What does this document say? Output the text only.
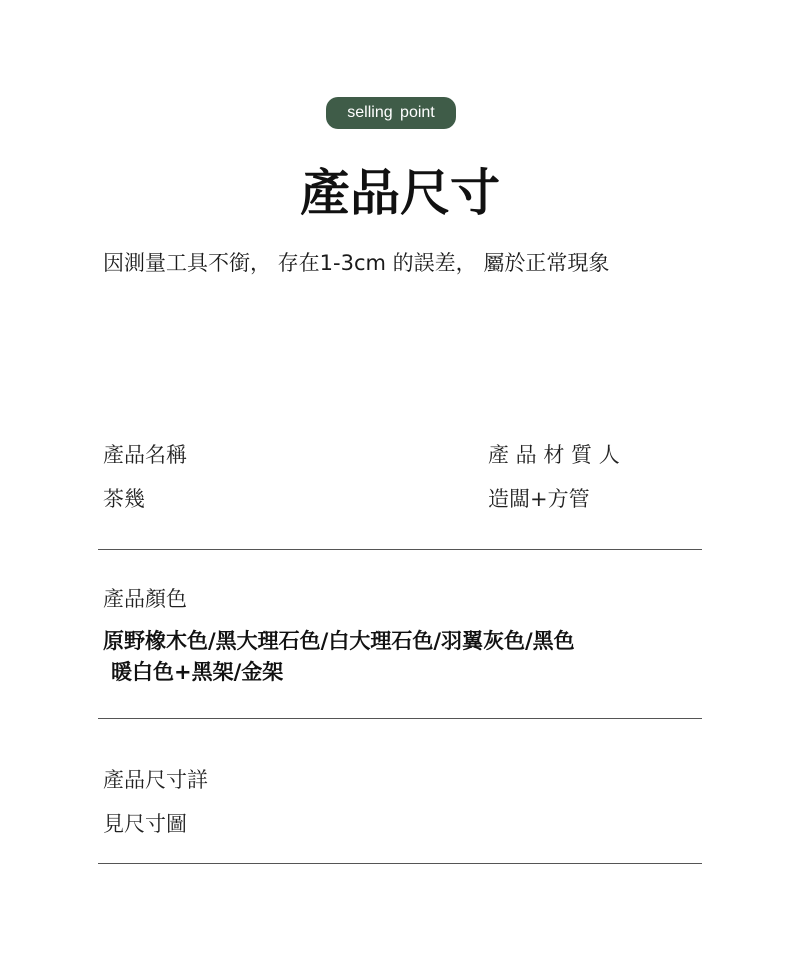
selling point
產品尺寸
因測量工具不銜， 存在1-3cm 的誤差， 屬於正常現象
產品名稱
茶幾
產 品 材 質 人
造闆+方管
產品顏色
原野橡木色/黑大理石色/白大理石色/羽翼灰色/黑色
暖白色+黑架/金架
產品尺寸詳
見尺寸圖
